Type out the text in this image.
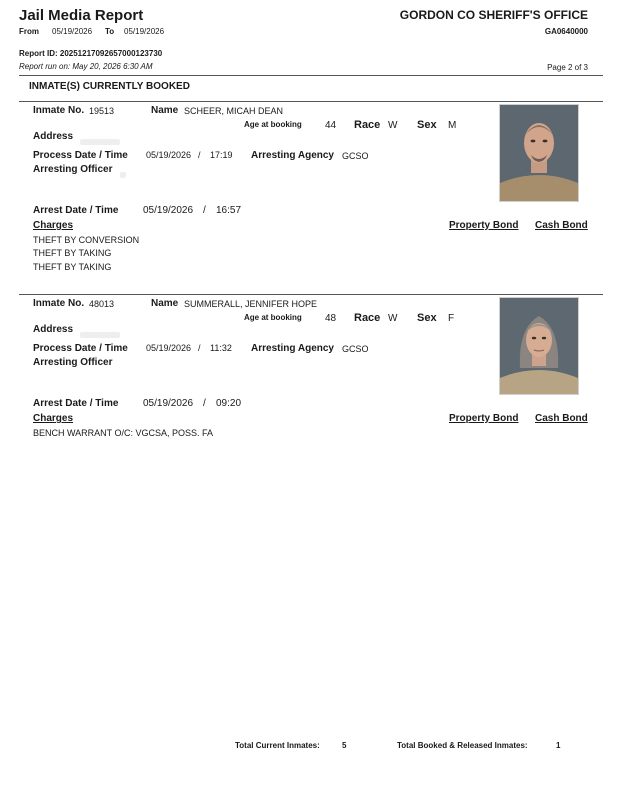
Jail Media Report
From 05/19/2026 To 05/19/2026
GORDON CO SHERIFF'S OFFICE
GA0640000
Report ID: 20251217092657000123730
Report run on: May 20, 2026 6:30 AM	Page 2 of 3
INMATE(S) CURRENTLY BOOKED
Inmate No. 19513	Name SCHEER, MICAH DEAN
Age at booking 44 Race W Sex M
Address
Process Date / Time 05/19/2026 / 17:19 Arresting Agency GCSO
Arresting Officer
Arrest Date / Time 05/19/2026 / 16:57
Charges	Property Bond Cash Bond
THEFT BY CONVERSION
THEFT BY TAKING
THEFT BY TAKING
Inmate No. 48013	Name SUMMERALL, JENNIFER HOPE
Age at booking 48 Race W Sex F
Address
Process Date / Time 05/19/2026 / 11:32 Arresting Agency GCSO
Arresting Officer
Arrest Date / Time 05/19/2026 / 09:20
Charges	Property Bond Cash Bond
BENCH WARRANT O/C: VGCSA, POSS. FA
Total Current Inmates:	5	Total Booked & Released Inmates:	1
